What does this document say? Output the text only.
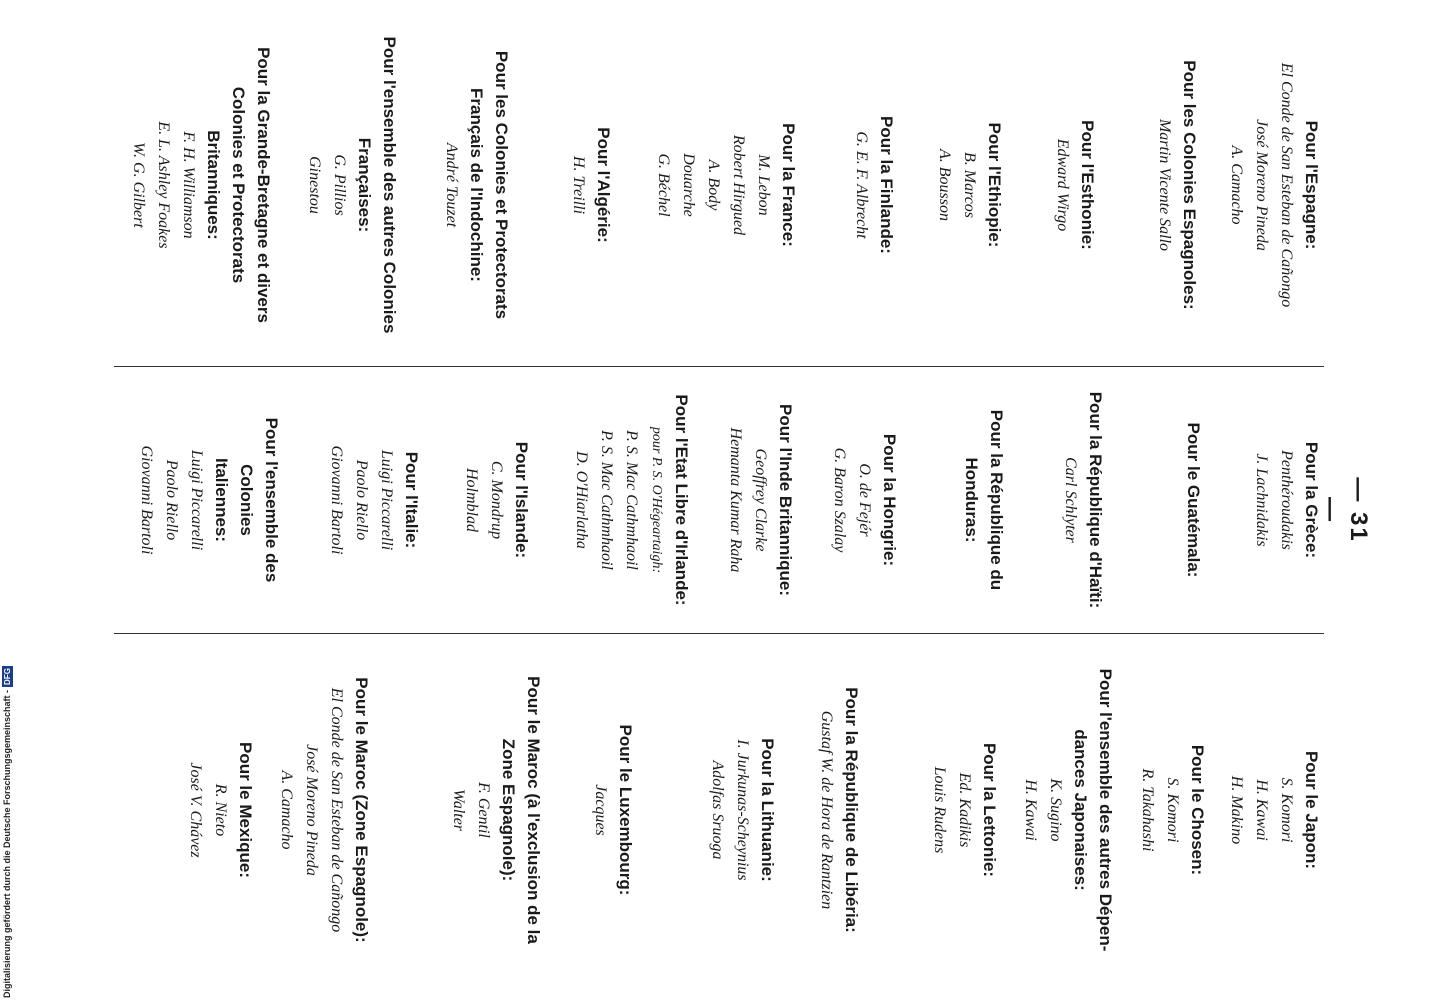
— 31 —
Pour l'Espagne:
El Conde de San Esteban de Cañongo
José Moreno Pineda
A. Camacho
Pour les Colonies Espagnoles:
Martin Vicente Sallo
Pour l'Esthonie:
Edward Wirgo
Pour l'Ethiopie:
B. Marcos
A. Bousson
Pour la Finlande:
G. E. F. Albrecht
Pour la France:
M. Lebon
Robert Hirgued
A. Body
Douarche
G. Béchel
Pour l'Algérie:
H. Treilli
Pour les Colonies et Protectorats
Français de l'Indochine:
André Touzet
Pour l'ensemble des autres Colonies
Françaises:
G. Pillios
Ginestou
Pour la Grande-Bretagne et divers
Colonies et Protectorats
Britanniques:
F. H. Williamson
E. L. Ashley Foakes
W. G. Gilbert
Pour la Grèce:
Penthéroudakis
J. Lachnidakis
Pour le Guatémala:
Pour la République d'Haïti:
Carl Schlyter
Pour la République du Honduras:
Pour la Hongrie:
O. de Fejér
G. Baron Szalay
Pour l'Inde Britannique:
Geoffrey Clarke
Hemanta Kumar Raha
Pour l'Etat Libre d'Irlande:
pour P. S. O'Hégeartaigh:
P. S. Mac Cathmhaoil
P. S. Mac Cathmhaoil
D. O'Hiarlatha
Pour l'Islande:
C. Mondrup
Holmblad
Pour l'Italie:
Luigi Piccarelli
Paolo Riello
Giovanni Bartoli
Pour l'ensemble des Colonies
Italiennes:
Luigi Piccarelli
Paolo Riello
Giovanni Bartoli
Pour le Japon:
S. Komori
H. Kawai
H. Makino
Pour le Chosen:
S. Komori
R. Takahashi
Pour l'ensemble des autres Dépen-
dances Japonaises:
K. Sugino
H. Kawai
Pour la Lettonie:
Ed. Kadikis
Louis Rudens
Pour la République de Libéria:
Gustaf W. de Hora de Rantzien
Pour la Lithuanie:
I. Jurkunas-Scheynius
Adolfas Sruoga
Pour le Luxembourg:
Jacques
Pour le Maroc (à l'exclusion de la
Zone Espagnole):
F. Gentil
Walter
Pour le Maroc (Zone Espagnole):
El Conde de San Esteban de Cañongo
José Moreno Pineda
A. Camacho
Pour le Mexique:
R. Nieto
José V. Chávez
Digitalisierung gefördert durch die Deutsche Forschungsgemeinschaft -DFG
